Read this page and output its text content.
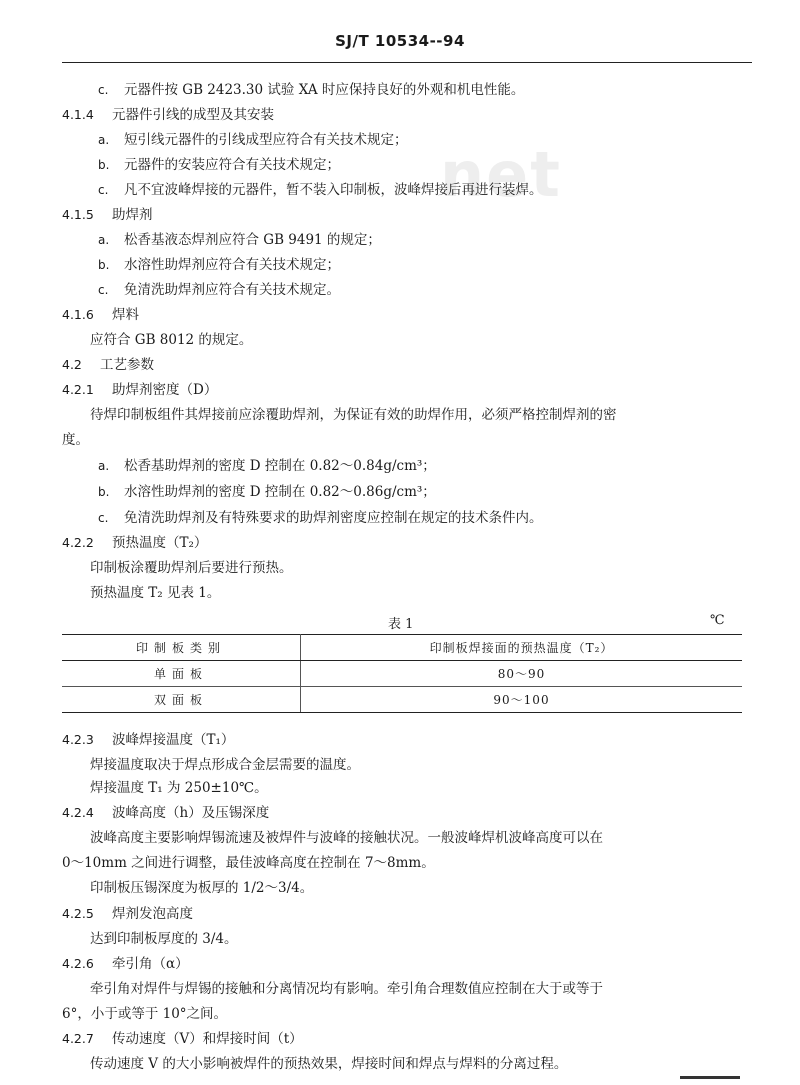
net
SJ/T 10534--94
c. 元器件按 GB 2423.30 试验 XA 时应保持良好的外观和机电性能。
4.1.4 元器件引线的成型及其安装
a. 短引线元器件的引线成型应符合有关技术规定；
b. 元器件的安装应符合有关技术规定；
c. 凡不宜波峰焊接的元器件，暂不装入印制板，波峰焊接后再进行装焊。
4.1.5 助焊剂
a. 松香基液态焊剂应符合 GB 9491 的规定；
b. 水溶性助焊剂应符合有关技术规定；
c. 免清洗助焊剂应符合有关技术规定。
4.1.6 焊料
应符合 GB 8012 的规定。
4.2 工艺参数
4.2.1 助焊剂密度（D）
待焊印制板组件其焊接前应涂覆助焊剂，为保证有效的助焊作用，必须严格控制焊剂的密
度。
a. 松香基助焊剂的密度 D 控制在 0.82～0.84g/cm³；
b. 水溶性助焊剂的密度 D 控制在 0.82～0.86g/cm³；
c. 免清洗助焊剂及有特殊要求的助焊剂密度应控制在规定的技术条件内。
4.2.2 预热温度（T₂）
印制板涂覆助焊剂后要进行预热。
预热温度 T₂ 见表 1。
表 1	℃
印制板类别	印制板焊接面的预热温度（T₂）
单面板	80～90
双面板	90～100
4.2.3 波峰焊接温度（T₁）
焊接温度取决于焊点形成合金层需要的温度。
焊接温度 T₁ 为 250±10℃。
4.2.4 波峰高度（h）及压锡深度
波峰高度主要影响焊锡流速及被焊件与波峰的接触状况。一般波峰焊机波峰高度可以在
0～10mm 之间进行调整，最佳波峰高度在控制在 7～8mm。
印制板压锡深度为板厚的 1/2～3/4。
4.2.5 焊剂发泡高度
达到印制板厚度的 3/4。
4.2.6 牵引角（α）
牵引角对焊件与焊锡的接触和分离情况均有影响。牵引角合理数值应控制在大于或等于
6°，小于或等于 10°之间。
4.2.7 传动速度（V）和焊接时间（t）
传动速度 V 的大小影响被焊件的预热效果，焊接时间和焊点与焊料的分离过程。
